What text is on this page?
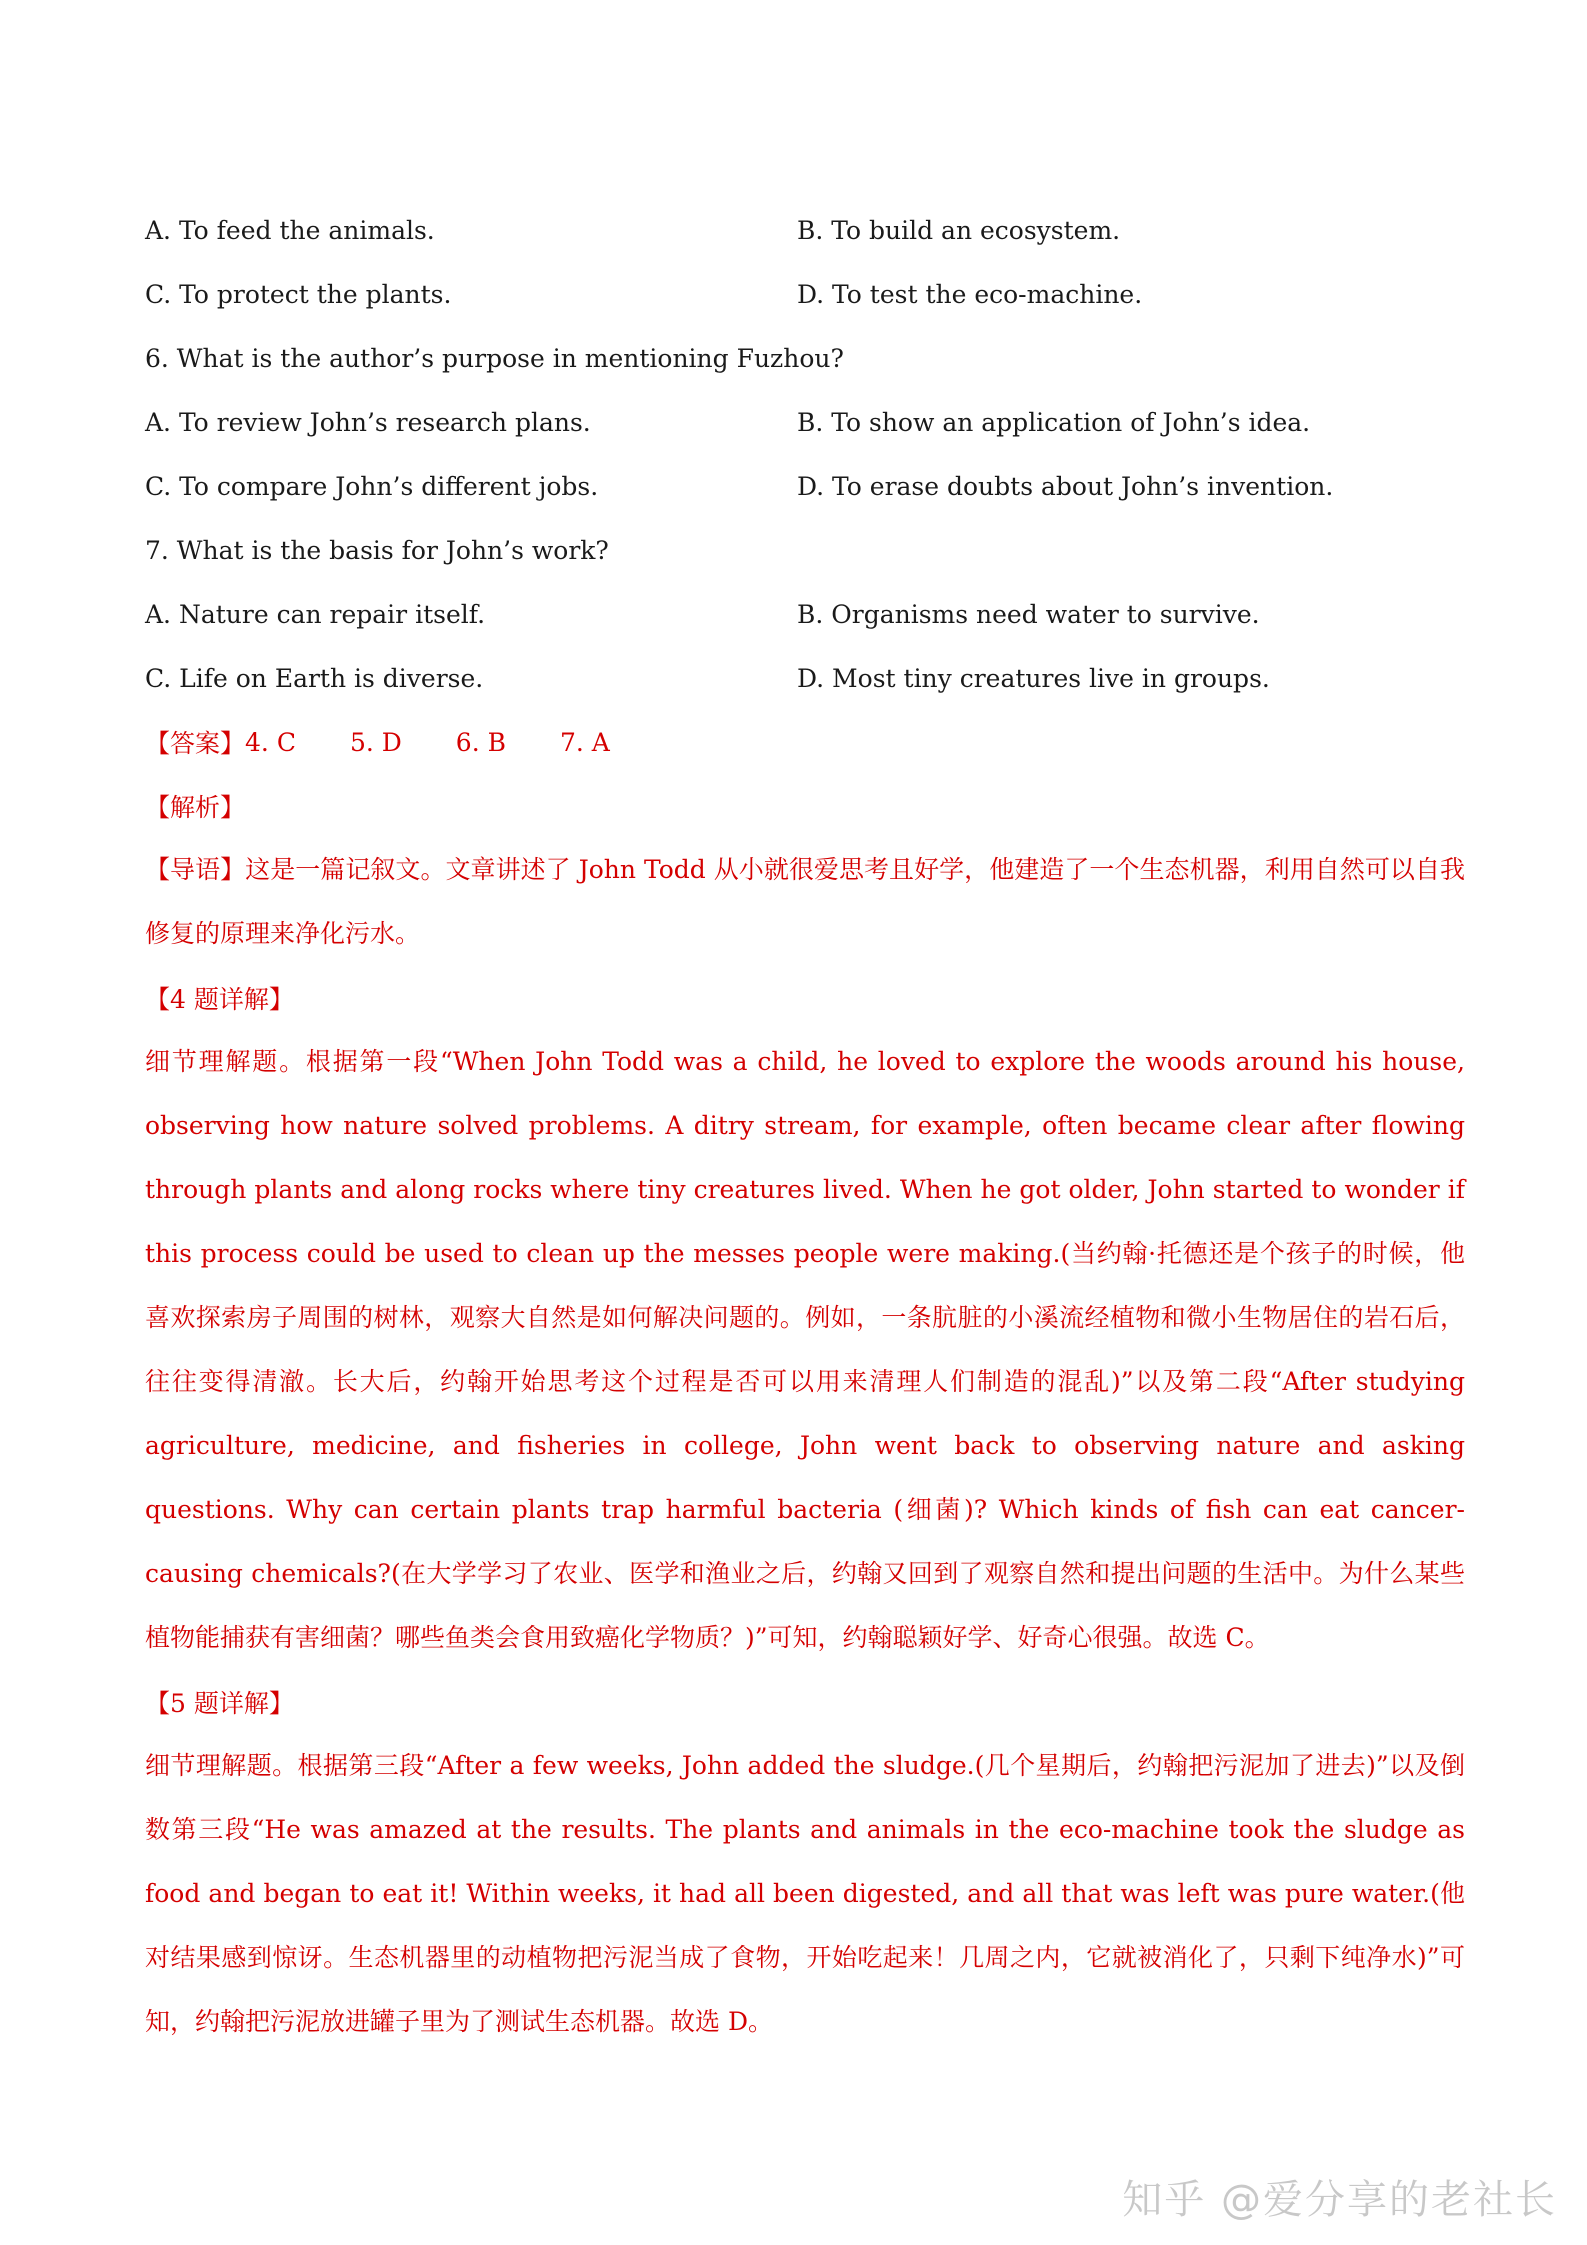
A. To feed the animals.	B. To build an ecosystem.
C. To protect the plants.	D. To test the eco-machine.
6. What is the author’s purpose in mentioning Fuzhou?
A. To review John’s research plans.	B. To show an application of John’s idea.
C. To compare John’s different jobs.	D. To erase doubts about John’s invention.
7. What is the basis for John’s work?
A. Nature can repair itself.	B. Organisms need water to survive.
C. Life on Earth is diverse.	D. Most tiny creatures live in groups.
【答案】 4. C 5. D 6. B 7. A
【解析】

【导语】这是一篇记叙文。文章讲述了 John Todd 从小就很爱思考且好学，他建造了一个生态机器，利用自然可以自我修复的原理来净化污水。

【4 题详解】

细节理解题。根据第一段“When John Todd was a child, he loved to explore the woods around his house, observing how nature solved problems. A ditry stream, for example, often became clear after flowing through plants and along rocks where tiny creatures lived. When he got older, John started to wonder if this process could be used to clean up the messes people were making.(当约翰·托德还是个孩子的时候，他喜欢探索房子周围的树林，观察大自然是如何解决问题的。例如，一条肮脏的小溪流经植物和微小生物居住的岩石后，往往变得清澈。长大后，约翰开始思考这个过程是否可以用来清理人们制造的混乱)”以及第二段“After studying agriculture, medicine, and fisheries in college, John went back to observing nature and asking questions. Why can certain plants trap harmful bacteria (细菌)? Which kinds of fish can eat cancer-causing chemicals?(在大学学习了农业、医学和渔业之后，约翰又回到了观察自然和提出问题的生活中。为什么某些植物能捕获有害细菌？哪些鱼类会食用致癌化学物质？)”可知，约翰聪颖好学、好奇心很强。故选 C。

【5 题详解】

细节理解题。根据第三段“After a few weeks, John added the sludge.(几个星期后，约翰把污泥加了进去)”以及倒数第三段“He was amazed at the results. The plants and animals in the eco-machine took the sludge as food and began to eat it! Within weeks, it had all been digested, and all that was left was pure water.(他对结果感到惊讶。生态机器里的动植物把污泥当成了食物，开始吃起来！几周之内，它就被消化了，只剩下纯净水)”可知，约翰把污泥放进罐子里为了测试生态机器。故选 D。

知乎 @爱分享的老社长
